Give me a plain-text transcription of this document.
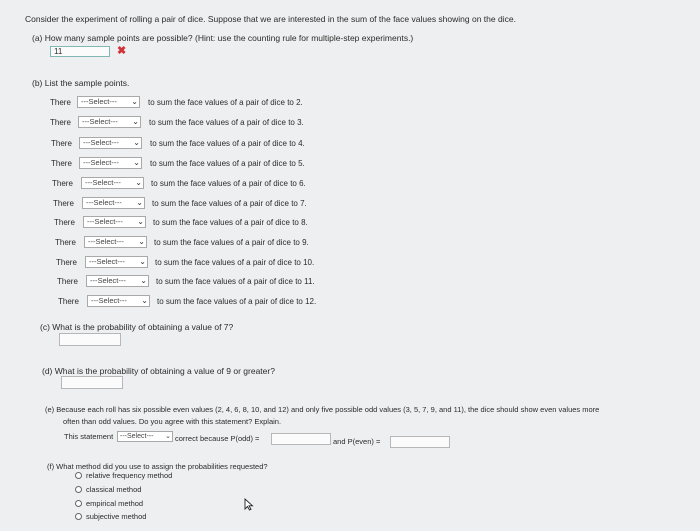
Consider the experiment of rolling a pair of dice. Suppose that we are interested in the sum of the face values showing on the dice.
(a) How many sample points are possible? (Hint: use the counting rule for multiple-step experiments.)
11	✖
(b) List the sample points.
There	---Select--- ⌄ to sum the face values of a pair of dice to 2.
There	---Select--- ⌄ to sum the face values of a pair of dice to 3.
There	---Select--- ⌄ to sum the face values of a pair of dice to 4.
There	---Select--- ⌄ to sum the face values of a pair of dice to 5.
There	---Select--- ⌄ to sum the face values of a pair of dice to 6.
There	---Select--- ⌄ to sum the face values of a pair of dice to 7.
There	---Select--- ⌄ to sum the face values of a pair of dice to 8.
There	---Select--- ⌄ to sum the face values of a pair of dice to 9.
There	---Select--- ⌄ to sum the face values of a pair of dice to 10.
There	---Select--- ⌄ to sum the face values of a pair of dice to 11.
There	---Select--- ⌄ to sum the face values of a pair of dice to 12.
(c) What is the probability of obtaining a value of 7?
(d) What is the probability of obtaining a value of 9 or greater?
(e) Because each roll has six possible even values (2, 4, 6, 8, 10, and 12) and only five possible odd values (3, 5, 7, 9, and 11), the dice should show even values more
often than odd values. Do you agree with this statement? Explain.
This statement ---Select--- ⌄ correct because P(odd) =	and P(even) =
(f) What method did you use to assign the probabilities requested?
relative frequency method
classical method
empirical method
subjective method
